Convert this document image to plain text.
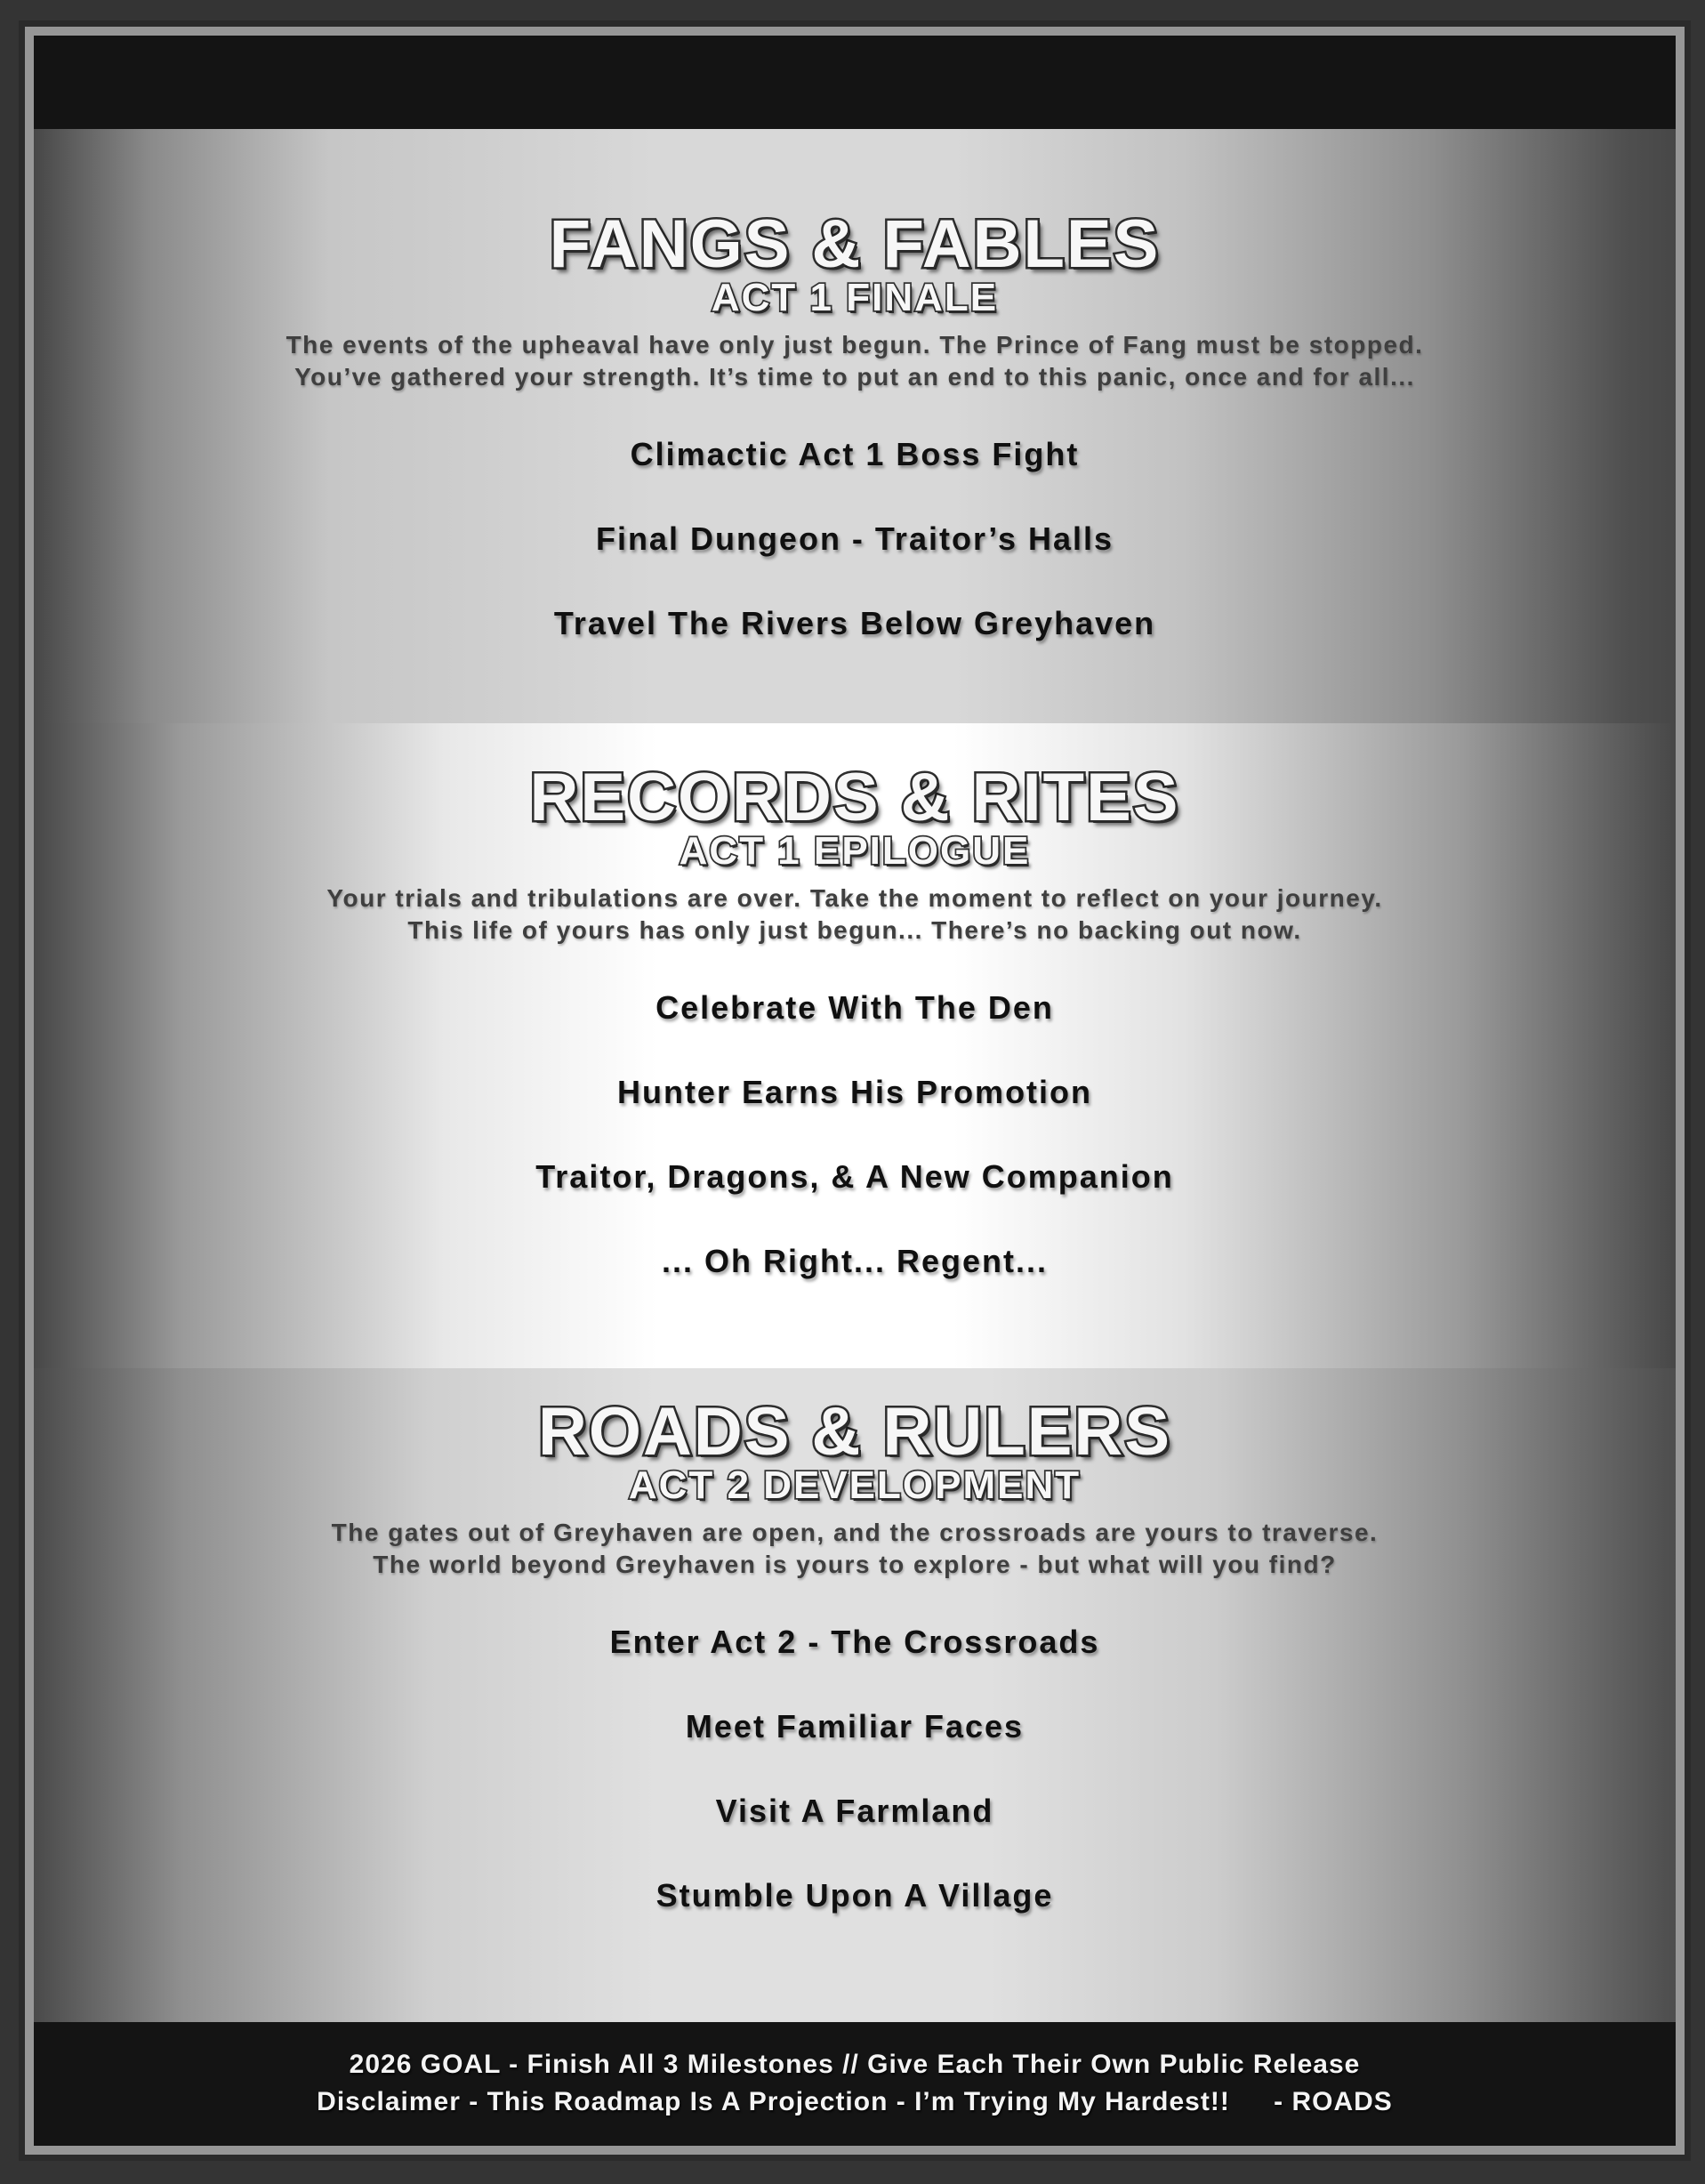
FANGS & FABLES
ACT 1 FINALE

The events of the upheaval have only just begun. The Prince of Fang must be stopped.
You’ve gathered your strength. It’s time to put an end to this panic, once and for all...

Climactic Act 1 Boss Fight
Final Dungeon - Traitor’s Halls
Travel The Rivers Below Greyhaven
RECORDS & RITES
ACT 1 EPILOGUE

Your trials and tribulations are over. Take the moment to reflect on your journey.
This life of yours has only just begun... There’s no backing out now.

Celebrate With The Den
Hunter Earns His Promotion
Traitor, Dragons, & A New Companion
... Oh Right... Regent...
ROADS & RULERS
ACT 2 DEVELOPMENT

The gates out of Greyhaven are open, and the crossroads are yours to traverse.
The world beyond Greyhaven is yours to explore - but what will you find?

Enter Act 2 - The Crossroads
Meet Familiar Faces
Visit A Farmland
Stumble Upon A Village
2026 GOAL - Finish All 3 Milestones // Give Each Their Own Public Release
Disclaimer - This Roadmap Is A Projection - I’m Trying My Hardest!! - ROADS
